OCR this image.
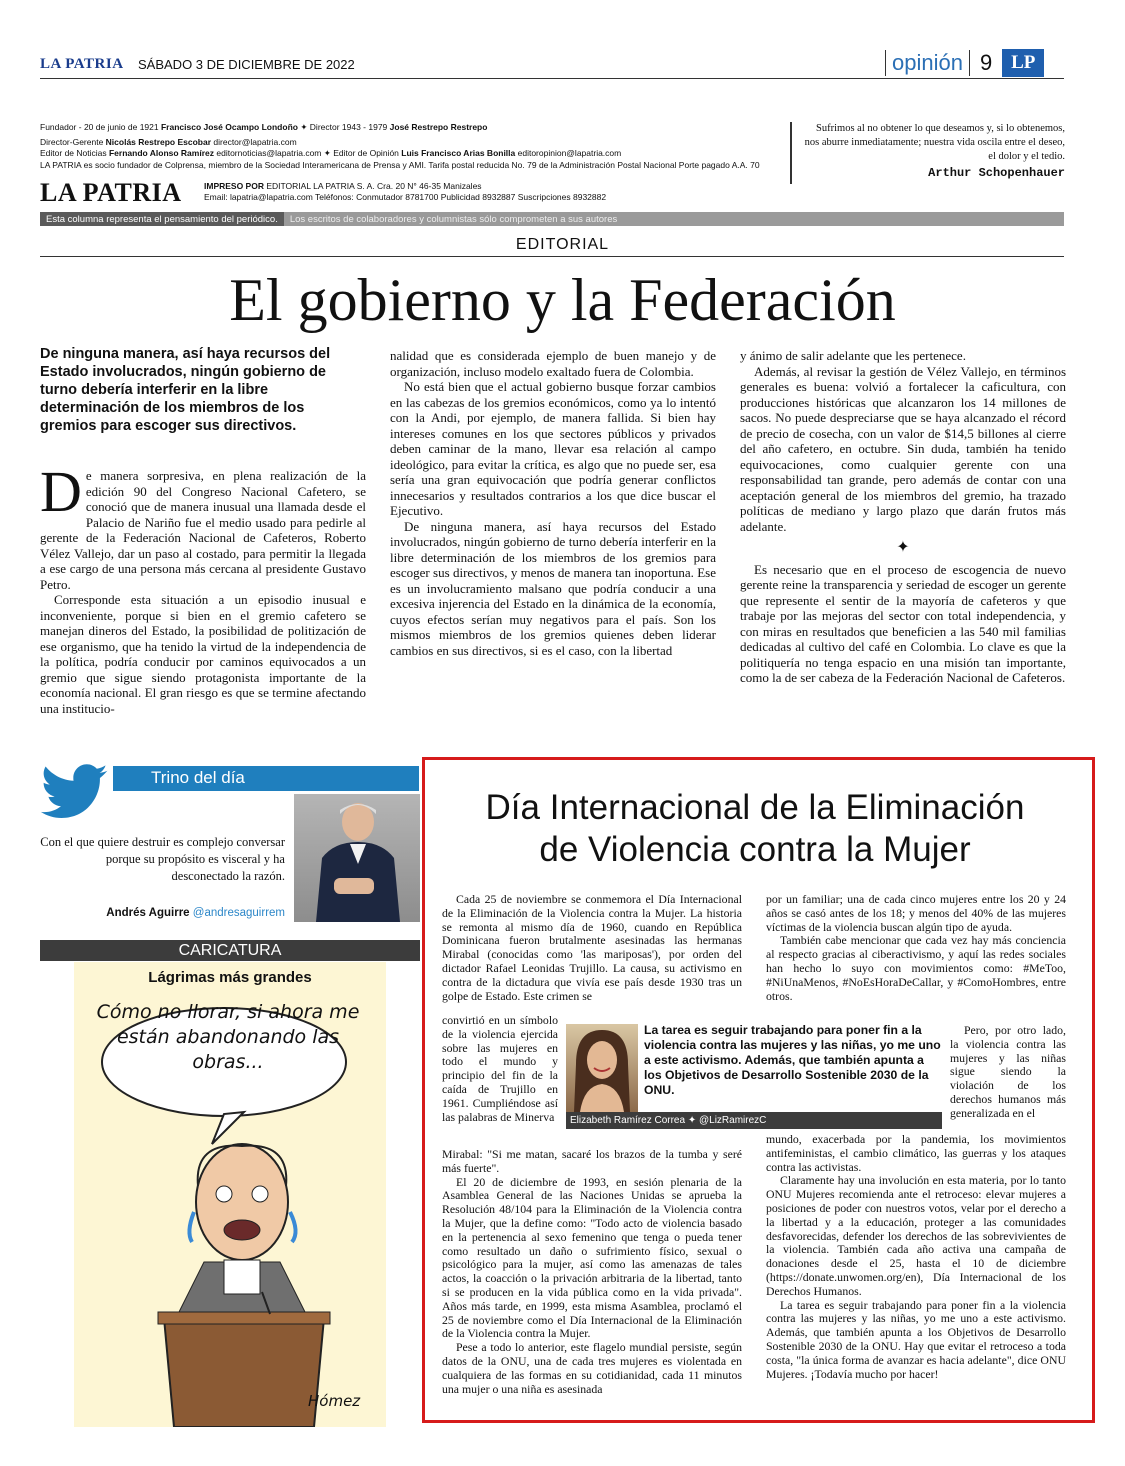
LA PATRIA SÁBADO 3 DE DICIEMBRE DE 2022	opinión 9 LP
Fundador - 20 de junio de 1921 Francisco José Ocampo Londoño ✦ Director 1943 - 1979 José Restrepo Restrepo
Director-Gerente Nicolás Restrepo Escobar director@lapatria.com
Editor de Noticias Fernando Alonso Ramírez editornoticias@lapatria.com ✦ Editor de Opinión Luis Francisco Arias Bonilla editoropinion@lapatria.com
LA PATRIA es socio fundador de Colprensa, miembro de la Sociedad Interamericana de Prensa y AMI. Tarifa postal reducida No. 79 de la Administración Postal Nacional Porte pagado A.A. 70
Sufrimos al no obtener lo que deseamos y, si lo obtenemos, nos aburre inmediatamente; nuestra vida oscila entre el deseo, el dolor y el tedio.
Arthur Schopenhauer
LA PATRIA	IMPRESO POR EDITORIAL LA PATRIA S. A. Cra. 20 N° 46-35 Manizales
Email: lapatria@lapatria.com Teléfonos: Conmutador 8781700 Publicidad 8932887 Suscripciones 8932882
Esta columna representa el pensamiento del periódico.	Los escritos de colaboradores y columnistas sólo comprometen a sus autores
EDITORIAL
El gobierno y la Federación
De ninguna manera, así haya recursos del Estado involucrados, ningún gobierno de turno debería interferir en la libre determinación de los miembros de los gremios para escoger sus directivos.

De manera sorpresiva, en plena realización de la edición 90 del Congreso Nacional Cafetero, se conoció que de manera inusual una llamada desde el Palacio de Nariño fue el medio usado para pedirle al gerente de la Federación Nacional de Cafeteros, Roberto Vélez Vallejo, dar un paso al costado, para permitir la llegada a ese cargo de una persona más cercana al presidente Gustavo Petro.

Corresponde esta situación a un episodio inusual e inconveniente, porque si bien en el gremio cafetero se manejan dineros del Estado, la posibilidad de politización de ese organismo, que ha tenido la virtud de la independencia de la política, podría conducir por caminos equivocados a un gremio que sigue siendo protagonista importante de la economía nacional. El gran riesgo es que se termine afectando una institucio-

nalidad que es considerada ejemplo de buen manejo y de organización, incluso modelo exaltado fuera de Colombia.

No está bien que el actual gobierno busque forzar cambios en las cabezas de los gremios económicos, como ya lo intentó con la Andi, por ejemplo, de manera fallida. Si bien hay intereses comunes en los que sectores públicos y privados deben caminar de la mano, llevar esa relación al campo ideológico, para evitar la crítica, es algo que no puede ser, esa sería una gran equivocación que podría generar conflictos innecesarios y resultados contrarios a los que dice buscar el Ejecutivo.

De ninguna manera, así haya recursos del Estado involucrados, ningún gobierno de turno debería interferir en la libre determinación de los miembros de los gremios para escoger sus directivos, y menos de manera tan inoportuna. Ese es un involucramiento malsano que podría conducir a una excesiva injerencia del Estado en la dinámica de la economía, cuyos efectos serían muy negativos para el país. Son los mismos miembros de los gremios quienes deben liderar cambios en sus directivos, si es el caso, con la libertad

y ánimo de salir adelante que les pertenece.

Además, al revisar la gestión de Vélez Vallejo, en términos generales es buena: volvió a fortalecer la caficultura, con producciones históricas que alcanzaron los 14 millones de sacos. No puede despreciarse que se haya alcanzado el récord de precio de cosecha, con un valor de $14,5 billones al cierre del año cafetero, en octubre. Sin duda, también ha tenido equivocaciones, como cualquier gerente con una responsabilidad tan grande, pero además de contar con una aceptación general de los miembros del gremio, ha trazado políticas de mediano y largo plazo que darán frutos más adelante.

✦

Es necesario que en el proceso de escogencia de nuevo gerente reine la transparencia y seriedad de escoger un gerente que represente el sentir de la mayoría de cafeteros y que trabaje por las mejoras del sector con total independencia, y con miras en resultados que beneficien a las 540 mil familias dedicadas al cultivo del café en Colombia. Lo clave es que la politiquería no tenga espacio en una misión tan importante, como la de ser cabeza de la Federación Nacional de Cafeteros.

Trino del día
Con el que quiere destruir es complejo conversar porque su propósito es visceral y ha desconectado la razón.
Andrés Aguirre @andresaguirrem
CARICATURA
Lágrimas más grandes
Cómo no llorar, si ahora me están abandonando las obras...
Hómez
Día Internacional de la Eliminación
de Violencia contra la Mujer

Cada 25 de noviembre se conmemora el Día Internacional de la Eliminación de la Violencia contra la Mujer. La historia se remonta al mismo día de 1960, cuando en República Dominicana fueron brutalmente asesinadas las hermanas Mirabal (conocidas como 'las mariposas'), por orden del dictador Rafael Leonidas Trujillo. La causa, su activismo en contra de la dictadura que vivía ese país desde 1930 tras un golpe de Estado. Este crimen se

convirtió en un símbolo de la violencia ejercida sobre las mujeres en todo el mundo y principio del fin de la caída de Trujillo en 1961. Cumpliéndose así las palabras de Minerva

Mirabal: "Si me matan, sacaré los brazos de la tumba y seré más fuerte".

El 20 de diciembre de 1993, en sesión plenaria de la Asamblea General de las Naciones Unidas se aprueba la Resolución 48/104 para la Eliminación de la Violencia contra la Mujer, que la define como: "Todo acto de violencia basado en la pertenencia al sexo femenino que tenga o pueda tener como resultado un daño o sufrimiento físico, sexual o psicológico para la mujer, así como las amenazas de tales actos, la coacción o la privación arbitraria de la libertad, tanto si se producen en la vida pública como en la vida privada". Años más tarde, en 1999, esta misma Asamblea, proclamó el 25 de noviembre como el Día Internacional de la Eliminación de la Violencia contra la Mujer.

Pese a todo lo anterior, este flagelo mundial persiste, según datos de la ONU, una de cada tres mujeres es violentada en cualquiera de las formas en su cotidianidad, cada 11 minutos una mujer o una niña es asesinada

por un familiar; una de cada cinco mujeres entre los 20 y 24 años se casó antes de los 18; y menos del 40% de las mujeres víctimas de la violencia buscan algún tipo de ayuda.

También cabe mencionar que cada vez hay más conciencia al respecto gracias al ciberactivismo, y aquí las redes sociales han hecho lo suyo con movimientos como: #MeToo, #NiUnaMenos, #NoEsHoraDeCallar, y #ComoHombres, entre otros.

Pero, por otro lado, la violencia contra las mujeres y las niñas sigue siendo la violación de los derechos humanos más generalizada en el

mundo, exacerbada por la pandemia, los movimientos antifeministas, el cambio climático, las guerras y los ataques contra las activistas.

Claramente hay una involución en esta materia, por lo tanto ONU Mujeres recomienda ante el retroceso: elevar mujeres a posiciones de poder con nuestros votos, velar por el derecho a la libertad y a la educación, proteger a las comunidades desfavorecidas, defender los derechos de las sobrevivientes de la violencia. También cada año activa una campaña de donaciones desde el 25, hasta el 10 de diciembre (https://donate.unwomen.org/en), Día Internacional de los Derechos Humanos.

La tarea es seguir trabajando para poner fin a la violencia contra las mujeres y las niñas, yo me uno a este activismo. Además, que también apunta a los Objetivos de Desarrollo Sostenible 2030 de la ONU. Hay que evitar el retroceso a toda costa, "la única forma de avanzar es hacia adelante", dice ONU Mujeres. ¡Todavía mucho por hacer!

La tarea es seguir trabajando para poner fin a la violencia contra las mujeres y las niñas, yo me uno a este activismo. Además, que también apunta a los Objetivos de Desarrollo Sostenible 2030 de la ONU.
Elizabeth Ramírez Correa ✦ @LizRamirezC
